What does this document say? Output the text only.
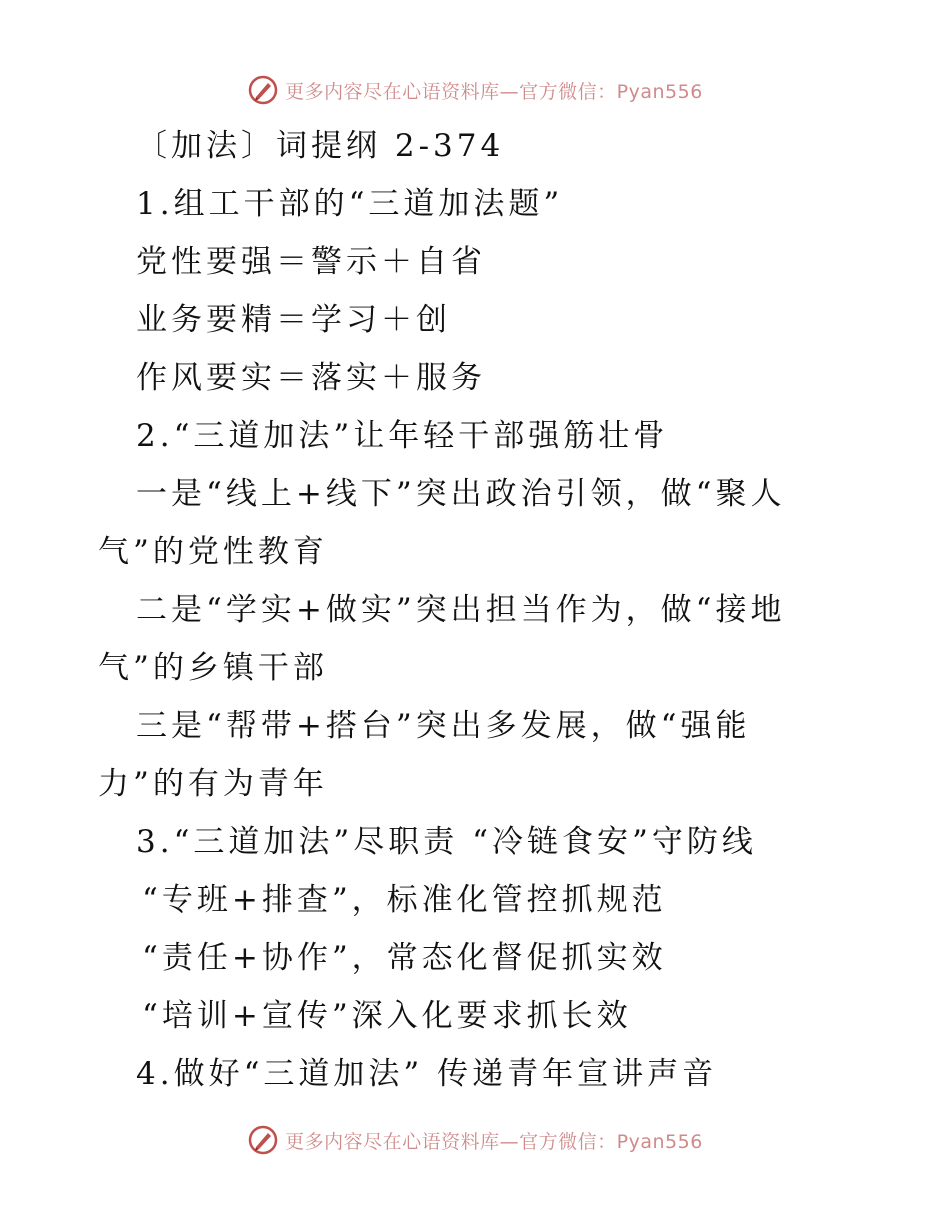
更多内容尽在心语资料库—官方微信：Pyan556
〔加法〕词提纲 2-374
1.组工干部的“三道加法题”
党性要强＝警示＋自省
业务要精＝学习＋创
作风要实＝落实＋服务
2.“三道加法”让年轻干部强筋壮骨
一是“线上+线下”突出政治引领，做“聚人
气”的党性教育
二是“学实+做实”突出担当作为，做“接地
气”的乡镇干部
三是“帮带+搭台”突出多发展，做“强能
力”的有为青年
3.“三道加法”尽职责 “冷链食安”守防线
“专班+排查”，标准化管控抓规范
“责任+协作”，常态化督促抓实效
“培训+宣传”深入化要求抓长效
4.做好“三道加法” 传递青年宣讲声音
更多内容尽在心语资料库—官方微信：Pyan556
